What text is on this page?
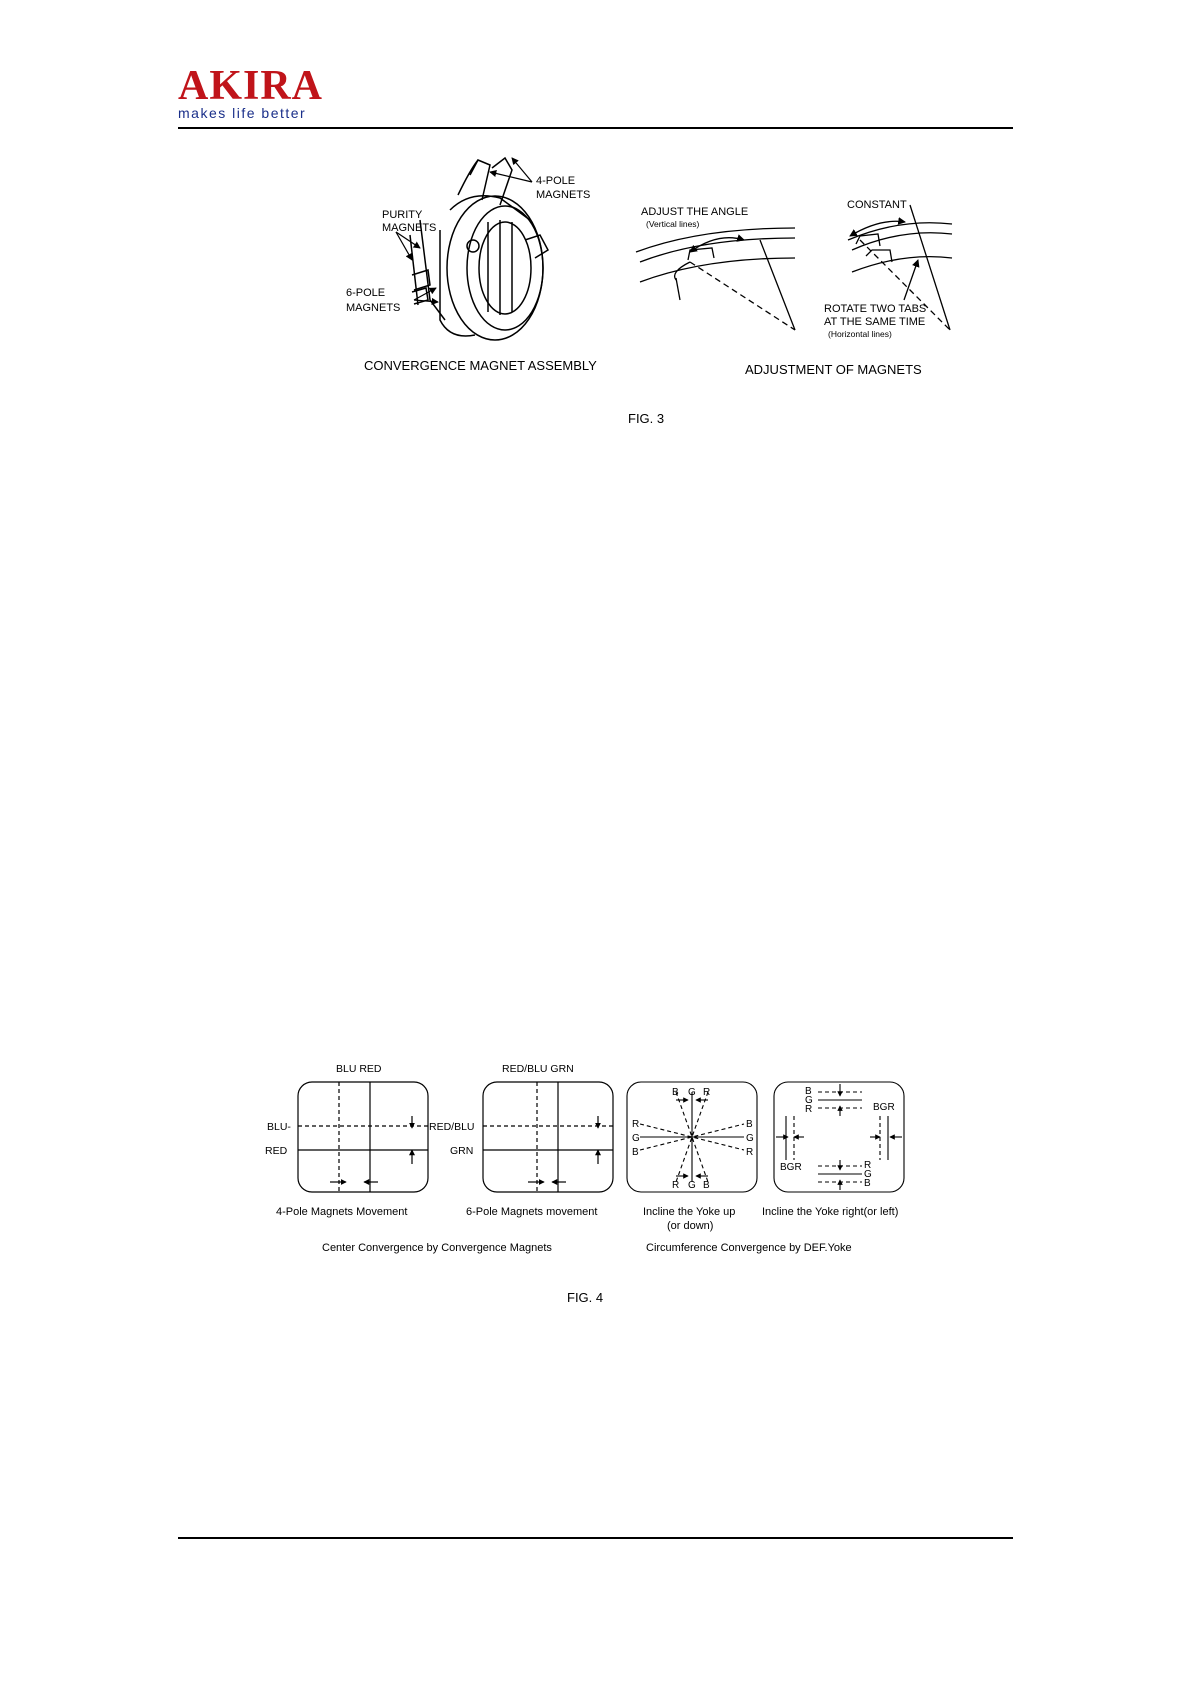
AKIRA
makes life better
4-POLE
MAGNETS
PURITY
MAGNETS
6-POLE
MAGNETS
CONVERGENCE MAGNET ASSEMBLY
ADJUST THE ANGLE
(Vertical lines)
CONSTANT
ROTATE TWO TABS
AT THE SAME TIME
(Horizontal lines)
ADJUSTMENT OF MAGNETS
FIG. 3
BLU RED
BLU-
RED
4-Pole Magnets Movement
RED/BLU GRN
RED/BLU
GRN
6-Pole Magnets movement
B G R
R
G
B
B
G
R
R G B
Incline the Yoke up
(or down)
B
G
R
R
G
B
BGR
BGR
Incline the Yoke right(or left)
Center Convergence by Convergence Magnets	Circumference Convergence by DEF.Yoke
FIG. 4
